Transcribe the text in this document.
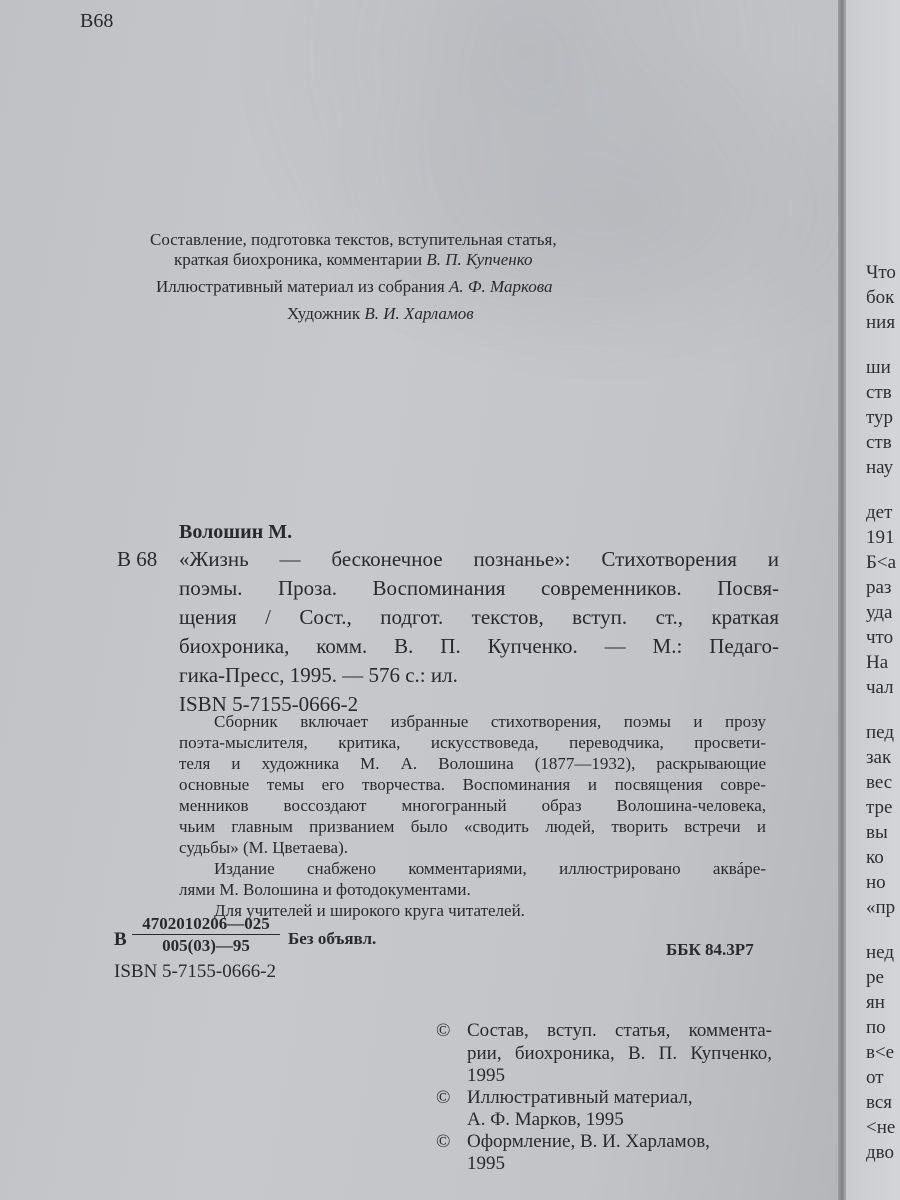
В68
Составление, подготовка текстов, вступительная статья,
краткая биохроника, комментарии В. П. Купченко
Иллюстративный материал из собрания А. Ф. Маркова
Художник В. И. Харламов
Волошин М.
В 68 «Жизнь — бесконечное познанье»: Стихотворения и
поэмы. Проза. Воспоминания современников. Посвя-
щения / Сост., подгот. текстов, вступ. ст., краткая
биохроника, комм. В. П. Купченко. — М.: Педаго-
гика-Пресс, 1995. — 576 с.: ил.
ISBN 5-7155-0666-2
Сборник включает избранные стихотворения, поэмы и прозу
поэта-мыслителя, критика, искусствоведа, переводчика, просвети-
теля и художника М. А. Волошина (1877—1932), раскрывающие
основные темы его творчества. Воспоминания и посвящения совре-
менников воссоздают многогранный образ Волошина-человека,
чьим главным призванием было «сводить людей, творить встречи и
судьбы» (М. Цветаева).
Издание снабжено комментариями, иллюстрировано аквáре-
лями М. Волошина и фотодокументами.
Для учителей и широкого круга читателей.
В
4702010206—025
005(03)—95	Без объявл.
ББК 84.3Р7
ISBN 5-7155-0666-2
© Состав, вступ. статья, коммента-
рии, биохроника, В. П. Купченко,
1995
© Иллюстративный материал,
А. Ф. Марков, 1995
© Оформление, В. И. Харламов,
1995
Что
бок
ния
ши
ств
тур
ств
нау
дет
191
Б<а
раз
уда
что
На
чал
пед
зак
вес
тре
вы
ко
но
«пр
нед
ре
ян
по
в<е
от
вся
<не
дво
